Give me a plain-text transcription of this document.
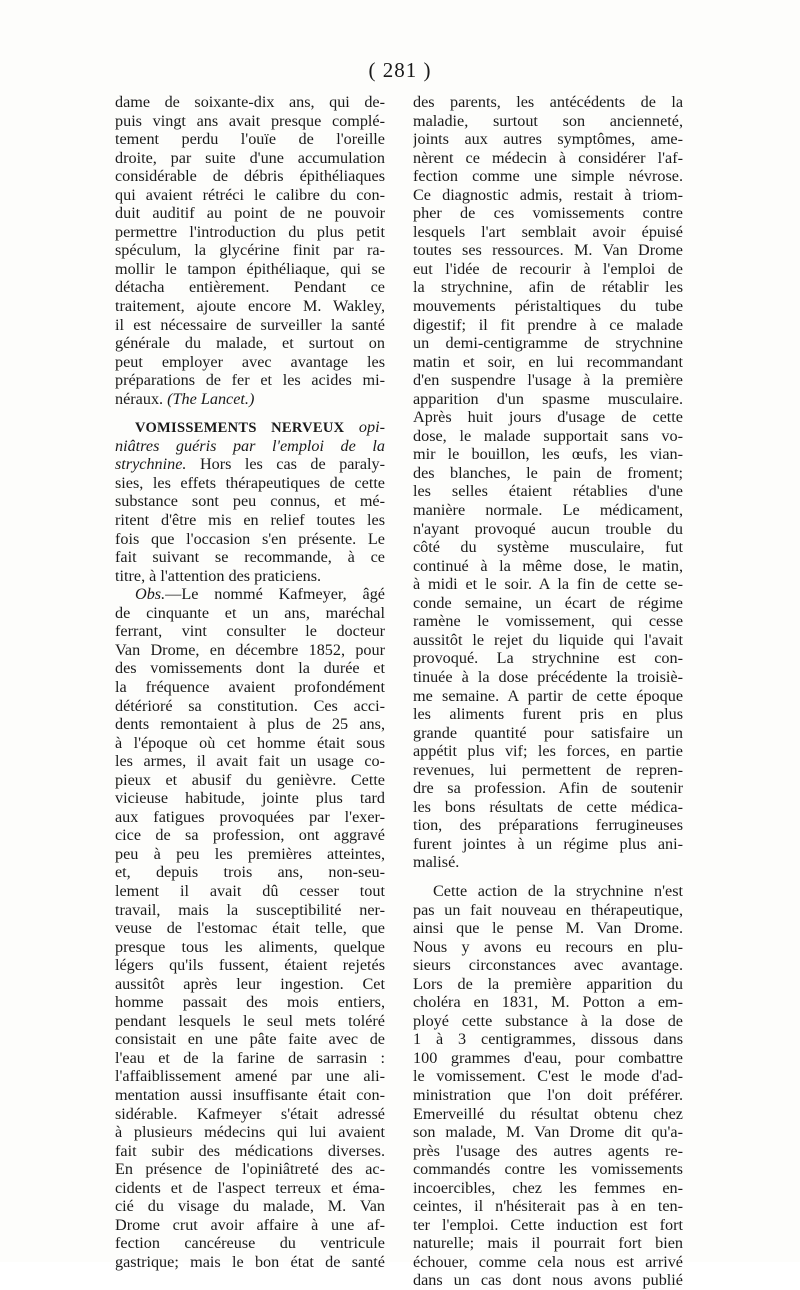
( 281 )
dame de soixante-dix ans, qui de-
puis vingt ans avait presque complé-
tement perdu l'ouïe de l'oreille
droite, par suite d'une accumulation
considérable de débris épithéliaques
qui avaient rétréci le calibre du con-
duit auditif au point de ne pouvoir
permettre l'introduction du plus petit
spéculum, la glycérine finit par ra-
mollir le tampon épithéliaque, qui se
détacha entièrement. Pendant ce
traitement, ajoute encore M. Wakley,
il est nécessaire de surveiller la santé
générale du malade, et surtout on
peut employer avec avantage les
préparations de fer et les acides mi-
néraux. (The Lancet.)
VOMISSEMENTS NERVEUX opi-
niâtres guéris par l'emploi de la
strychnine. Hors les cas de paraly-
sies, les effets thérapeutiques de cette
substance sont peu connus, et mé-
ritent d'être mis en relief toutes les
fois que l'occasion s'en présente. Le
fait suivant se recommande, à ce
titre, à l'attention des praticiens.
Obs.—Le nommé Kafmeyer, âgé
de cinquante et un ans, maréchal
ferrant, vint consulter le docteur
Van Drome, en décembre 1852, pour
des vomissements dont la durée et
la fréquence avaient profondément
détérioré sa constitution. Ces acci-
dents remontaient à plus de 25 ans,
à l'époque où cet homme était sous
les armes, il avait fait un usage co-
pieux et abusif du genièvre. Cette
vicieuse habitude, jointe plus tard
aux fatigues provoquées par l'exer-
cice de sa profession, ont aggravé
peu à peu les premières atteintes,
et, depuis trois ans, non-seu-
lement il avait dû cesser tout
travail, mais la susceptibilité ner-
veuse de l'estomac était telle, que
presque tous les aliments, quelque
légers qu'ils fussent, étaient rejetés
aussitôt après leur ingestion. Cet
homme passait des mois entiers,
pendant lesquels le seul mets toléré
consistait en une pâte faite avec de
l'eau et de la farine de sarrasin :
l'affaiblissement amené par une ali-
mentation aussi insuffisante était con-
sidérable. Kafmeyer s'était adressé
à plusieurs médecins qui lui avaient
fait subir des médications diverses.
En présence de l'opiniâtreté des ac-
cidents et de l'aspect terreux et éma-
cié du visage du malade, M. Van
Drome crut avoir affaire à une af-
fection cancéreuse du ventricule
gastrique; mais le bon état de santé
des parents, les antécédents de la
maladie, surtout son ancienneté,
joints aux autres symptômes, ame-
nèrent ce médecin à considérer l'af-
fection comme une simple névrose.
Ce diagnostic admis, restait à triom-
pher de ces vomissements contre
lesquels l'art semblait avoir épuisé
toutes ses ressources. M. Van Drome
eut l'idée de recourir à l'emploi de
la strychnine, afin de rétablir les
mouvements péristaltiques du tube
digestif; il fit prendre à ce malade
un demi-centigramme de strychnine
matin et soir, en lui recommandant
d'en suspendre l'usage à la première
apparition d'un spasme musculaire.
Après huit jours d'usage de cette
dose, le malade supportait sans vo-
mir le bouillon, les œufs, les vian-
des blanches, le pain de froment;
les selles étaient rétablies d'une
manière normale. Le médicament,
n'ayant provoqué aucun trouble du
côté du système musculaire, fut
continué à la même dose, le matin,
à midi et le soir. A la fin de cette se-
conde semaine, un écart de régime
ramène le vomissement, qui cesse
aussitôt le rejet du liquide qui l'avait
provoqué. La strychnine est con-
tinuée à la dose précédente la troisiè-
me semaine. A partir de cette époque
les aliments furent pris en plus
grande quantité pour satisfaire un
appétit plus vif; les forces, en partie
revenues, lui permettent de repren-
dre sa profession. Afin de soutenir
les bons résultats de cette médica-
tion, des préparations ferrugineuses
furent jointes à un régime plus ani-
malisé.
Cette action de la strychnine n'est
pas un fait nouveau en thérapeutique,
ainsi que le pense M. Van Drome.
Nous y avons eu recours en plu-
sieurs circonstances avec avantage.
Lors de la première apparition du
choléra en 1831, M. Potton a em-
ployé cette substance à la dose de
1 à 3 centigrammes, dissous dans
100 grammes d'eau, pour combattre
le vomissement. C'est le mode d'ad-
ministration que l'on doit préférer.
Emerveillé du résultat obtenu chez
son malade, M. Van Drome dit qu'a-
près l'usage des autres agents re-
commandés contre les vomissements
incoercibles, chez les femmes en-
ceintes, il n'hésiterait pas à en ten-
ter l'emploi. Cette induction est fort
naturelle; mais il pourrait fort bien
échouer, comme cela nous est arrivé
dans un cas dont nous avons publié
